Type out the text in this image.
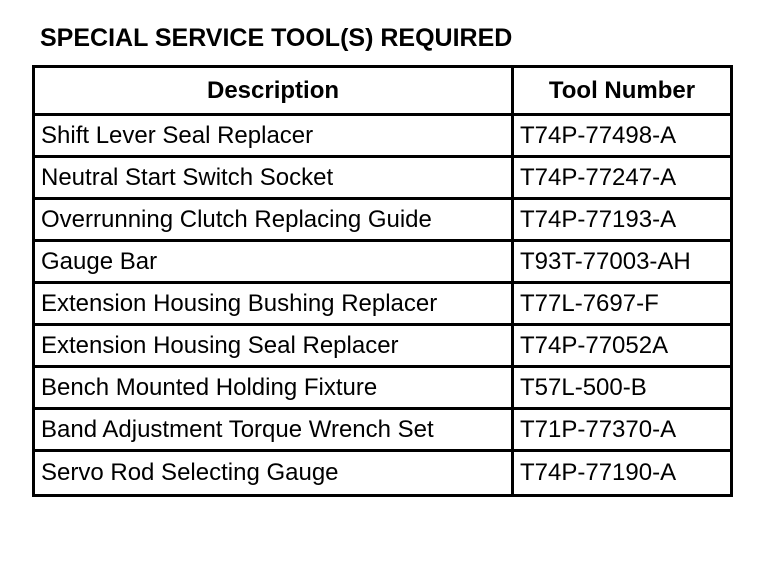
SPECIAL SERVICE TOOL(S) REQUIRED
Description	Tool Number
Shift Lever Seal Replacer	T74P-77498-A
Neutral Start Switch Socket	T74P-77247-A
Overrunning Clutch Replacing Guide	T74P-77193-A
Gauge Bar	T93T-77003-AH
Extension Housing Bushing Replacer	T77L-7697-F
Extension Housing Seal Replacer	T74P-77052A
Bench Mounted Holding Fixture	T57L-500-B
Band Adjustment Torque Wrench Set	T71P-77370-A
Servo Rod Selecting Gauge	T74P-77190-A
